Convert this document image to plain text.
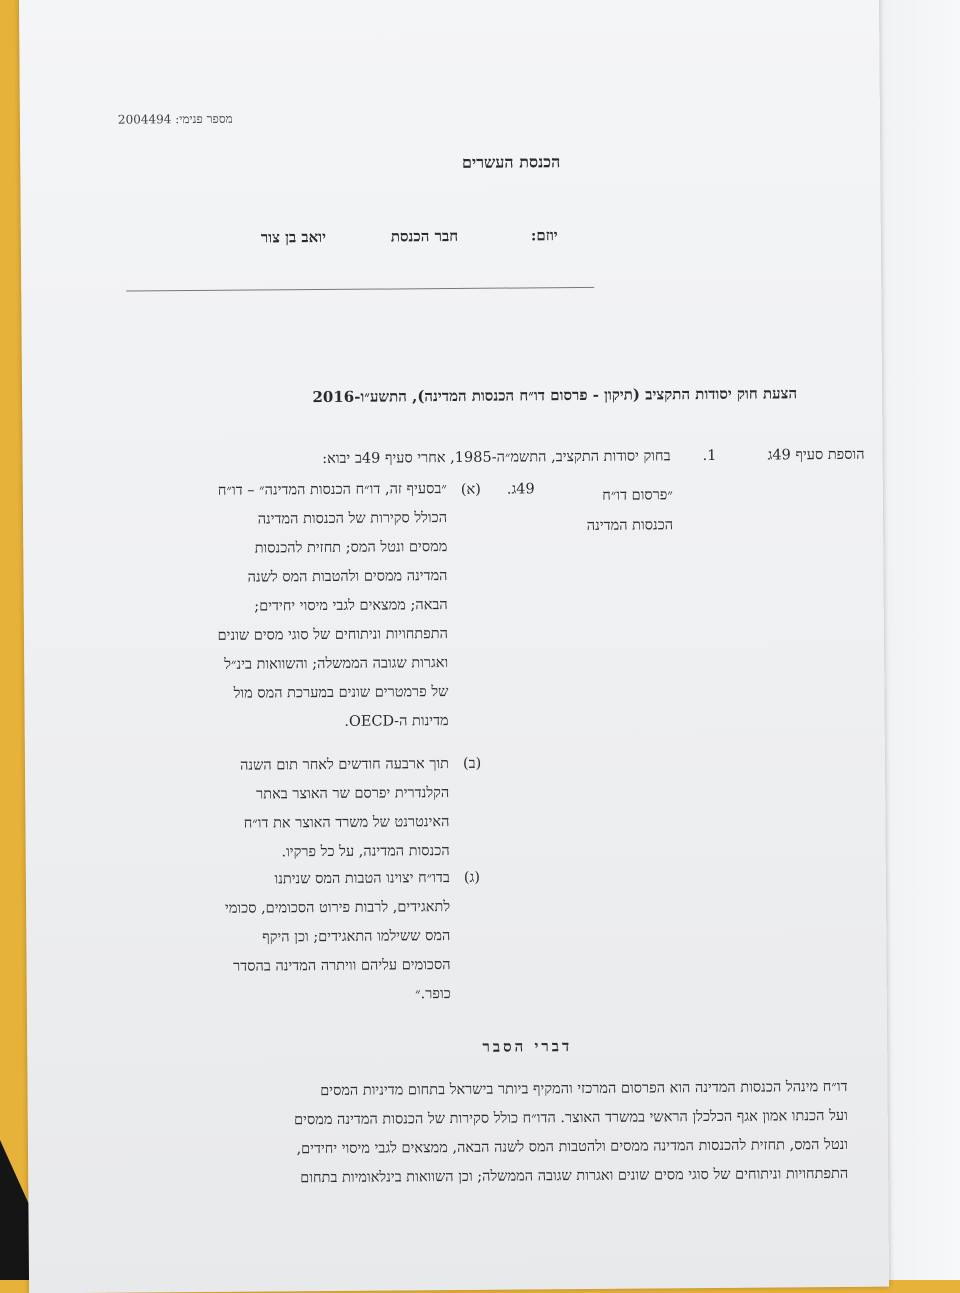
מספר פנימי: 2004494
הכנסת העשרים
יוזם:
חבר הכנסת
יואב בן צור
הצעת חוק יסודות התקציב (תיקון - פרסום דו״ח הכנסות המדינה), התשע״ו-2016
הוספת סעיף 49ג
1.
בחוק יסודות התקציב, התשמ״ה-1985, אחרי סעיף 49ב יבוא:
״פרסום דו״ח
הכנסות המדינה
49ג.
(א)
״בסעיף זה, דו״ח הכנסות המדינה״ – דו״ח
הכולל סקירות של הכנסות המדינה
ממסים ונטל המס; תחזית להכנסות
המדינה ממסים ולהטבות המס לשנה
הבאה; ממצאים לגבי מיסוי יחידים;
התפתחויות וניתוחים של סוגי מסים שונים
ואגרות שגובה הממשלה; והשוואות בינ״ל
של פרמטרים שונים במערכת המס מול
מדינות ה-OECD.
(ב)
תוך ארבעה חודשים לאחר תום השנה
הקלנדרית יפרסם שר האוצר באתר
האינטרנט של משרד האוצר את דו״ח
הכנסות המדינה, על כל פרקיו.
(ג)
בדו״ח יצוינו הטבות המס שניתנו
לתאגידים, לרבות פירוט הסכומים, סכומי
המס ששילמו התאגידים; וכן היקף
הסכומים עליהם וויתרה המדינה בהסדר
כופר.״
דברי הסבר
דו״ח מינהל הכנסות המדינה הוא הפרסום המרכזי והמקיף ביותר בישראל בתחום מדיניות המסים
ועל הכנתו אמון אגף הכלכלן הראשי במשרד האוצר. הדו״ח כולל סקירות של הכנסות המדינה ממסים
ונטל המס, תחזית להכנסות המדינה ממסים ולהטבות המס לשנה הבאה, ממצאים לגבי מיסוי יחידים,
התפתחויות וניתוחים של סוגי מסים שונים ואגרות שגובה הממשלה; וכן השוואות בינלאומיות בתחום
